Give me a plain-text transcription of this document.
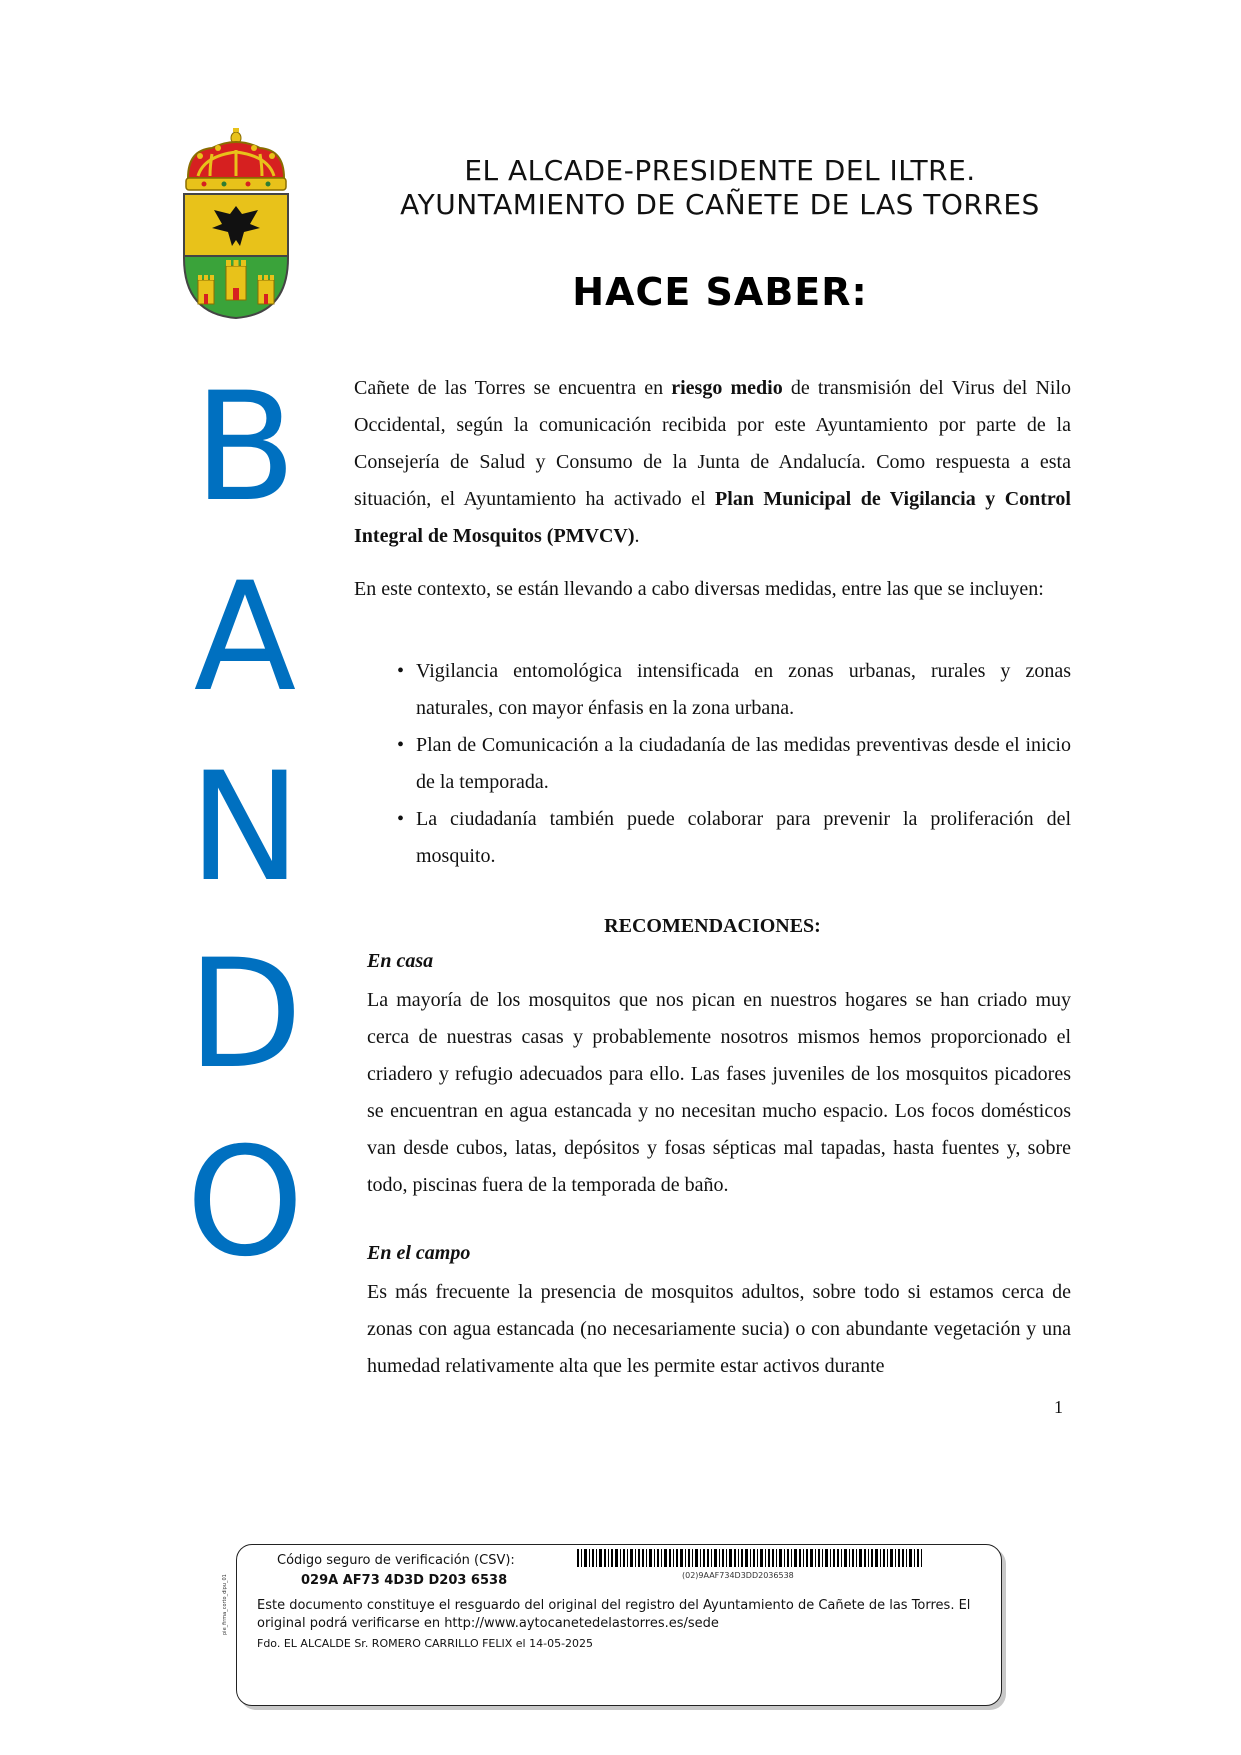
EL ALCADE-PRESIDENTE DEL ILTRE.
AYUNTAMIENTO DE CAÑETE DE LAS TORRES
HACE SABER:
B
A
N
D
O
Cañete de las Torres se encuentra en riesgo medio de transmisión del Virus del Nilo Occidental, según la comunicación recibida por este Ayuntamiento por parte de la Consejería de Salud y Consumo de la Junta de Andalucía. Como respuesta a esta situación, el Ayuntamiento ha activado el Plan Municipal de Vigilancia y Control Integral de Mosquitos (PMVCV).
En este contexto, se están llevando a cabo diversas medidas, entre las que se incluyen:
• Vigilancia entomológica intensificada en zonas urbanas, rurales y zonas naturales, con mayor énfasis en la zona urbana.
• Plan de Comunicación a la ciudadanía de las medidas preventivas desde el inicio de la temporada.
• La ciudadanía también puede colaborar para prevenir la proliferación del mosquito.
RECOMENDACIONES:
En casa
La mayoría de los mosquitos que nos pican en nuestros hogares se han criado muy cerca de nuestras casas y probablemente nosotros mismos hemos proporcionado el criadero y refugio adecuados para ello. Las fases juveniles de los mosquitos picadores se encuentran en agua estancada y no necesitan mucho espacio. Los focos domésticos van desde cubos, latas, depósitos y fosas sépticas mal tapadas, hasta fuentes y, sobre todo, piscinas fuera de la temporada de baño.
En el campo
Es más frecuente la presencia de mosquitos adultos, sobre todo si estamos cerca de zonas con agua estancada (no necesariamente sucia) o con abundante vegetación y una humedad relativamente alta que les permite estar activos durante
1
pie_firma_corto_dipu_01
Código seguro de verificación (CSV):
029A AF73 4D3D D203 6538	(02)9AAF734D3DD2036538
Este documento constituye el resguardo del original del registro del Ayuntamiento de Cañete de las Torres. El original podrá verificarse en http://www.aytocanetedelastorres.es/sede
Fdo. EL ALCALDE Sr. ROMERO CARRILLO FELIX el 14-05-2025
